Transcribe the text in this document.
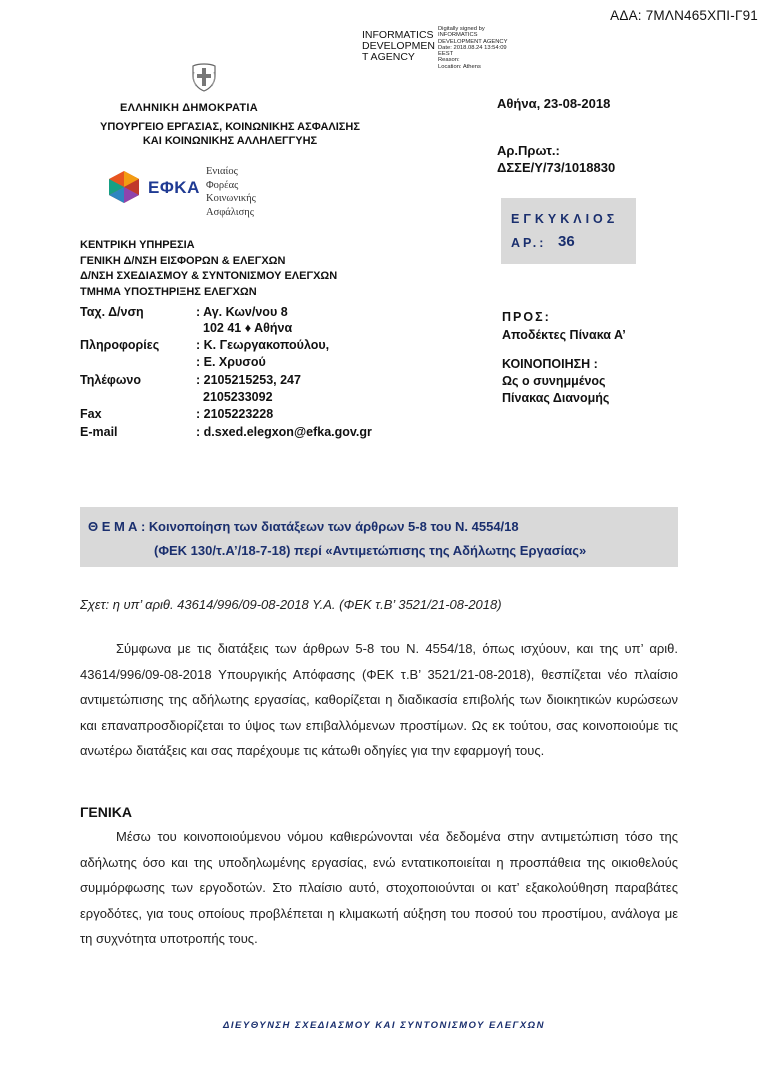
ΑΔΑ: 7ΜΛΝ465ΧΠΙ-Γ91
INFORMATICS DEVELOPMEN T AGENCY
Digitally signed by
INFORMATICS
DEVELOPMENT AGENCY
Date: 2018.08.24 13:54:09
EEST
Reason:
Location: Athens
ΕΛΛΗΝΙΚΗ ΔΗΜΟΚΡΑΤΙΑ
ΥΠΟΥΡΓΕΙΟ ΕΡΓΑΣΙΑΣ, ΚΟΙΝΩΝΙΚΗΣ ΑΣΦΑΛΙΣΗΣ
ΚΑΙ ΚΟΙΝΩΝΙΚΗΣ ΑΛΛΗΛΕΓΓΥΗΣ
ΕΦΚΑ
Ενιαίος
Φορέας
Κοινωνικής
Ασφάλισης
ΚΕΝΤΡΙΚΗ ΥΠΗΡΕΣΙΑ
ΓΕΝΙΚΗ Δ/ΝΣΗ ΕΙΣΦΟΡΩΝ & ΕΛΕΓΧΩΝ
Δ/ΝΣΗ ΣΧΕΔΙΑΣΜΟΥ & ΣΥΝΤΟΝΙΣΜΟΥ ΕΛΕΓΧΩΝ
ΤΜΗΜΑ ΥΠΟΣΤΗΡΙΞΗΣ ΕΛΕΓΧΩΝ
Ταχ. Δ/νση	: Αγ. Κων/νου 8
102 41 ♦ Αθήνα
Πληροφορίες	: Κ. Γεωργακοπούλου,
: Ε. Χρυσού
Τηλέφωνο	: 2105215253, 247
2105233092
Fax	: 2105223228
E-mail	: d.sxed.elegxon@efka.gov.gr
Αθήνα, 23-08-2018
Αρ.Πρωτ.:
ΔΣΣΕ/Υ/73/1018830
ΕΓΚΥΚΛΙΟΣ
ΑΡ.: 36
ΠΡΟΣ:
Αποδέκτες Πίνακα Α’
ΚΟΙΝΟΠΟΙΗΣΗ :
Ως ο συνημμένος
Πίνακας Διανομής
Θ Ε Μ Α : Κοινοποίηση των διατάξεων των άρθρων 5-8 του Ν. 4554/18
(ΦΕΚ 130/τ.Α’/18-7-18) περί «Αντιμετώπισης της Αδήλωτης Εργασίας»
Σχετ: η υπ’ αριθ. 43614/996/09-08-2018 Υ.Α. (ΦΕΚ τ.Β’ 3521/21-08-2018)
Σύμφωνα με τις διατάξεις των άρθρων 5-8 του Ν. 4554/18, όπως ισχύουν, και της υπ’ αριθ. 43614/996/09-08-2018 Υπουργικής Απόφασης (ΦΕΚ τ.Β’ 3521/21-08-2018), θεσπίζεται νέο πλαίσιο αντιμετώπισης της αδήλωτης εργασίας, καθορίζεται η διαδικασία επιβολής των διοικητικών κυρώσεων και επαναπροσδιορίζεται το ύψος των επιβαλλόμενων προστίμων. Ως εκ τούτου, σας κοινοποιούμε τις ανωτέρω διατάξεις και σας παρέχουμε τις κάτωθι οδηγίες για την εφαρμογή τους.
ΓΕΝΙΚΑ
Μέσω του κοινοποιούμενου νόμου καθιερώνονται νέα δεδομένα στην αντιμετώπιση τόσο της αδήλωτης όσο και της υποδηλωμένης εργασίας, ενώ εντατικοποιείται η προσπάθεια της οικιοθελούς συμμόρφωσης των εργοδοτών. Στο πλαίσιο αυτό, στοχοποιούνται οι κατ’ εξακολούθηση παραβάτες εργοδότες, για τους οποίους προβλέπεται η κλιμακωτή αύξηση του ποσού του προστίμου, ανάλογα με τη συχνότητα υποτροπής τους.
ΔΙΕΥΘΥΝΣΗ ΣΧΕΔΙΑΣΜΟΥ ΚΑΙ ΣΥΝΤΟΝΙΣΜΟΥ ΕΛΕΓΧΩΝ
